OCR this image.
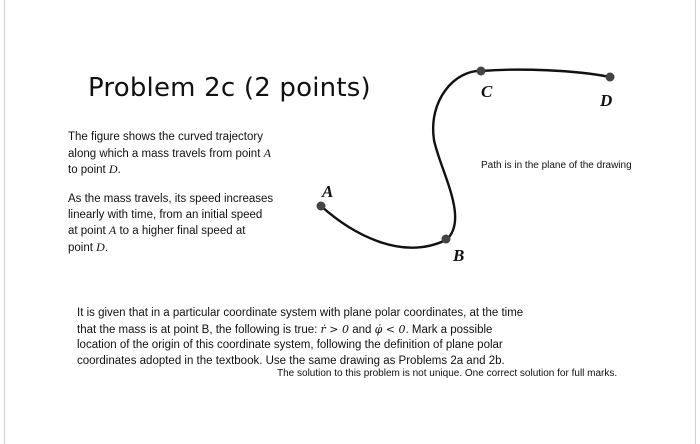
Problem 2c (2 points)
The figure shows the curved trajectory
along which a mass travels from point A
to point D.
As the mass travels, its speed increases
linearly with time, from an initial speed
at point A to a higher final speed at
point D.
Path is in the plane of the drawing
A
B
C	D
It is given that in a particular coordinate system with plane polar coordinates, at the time
that the mass is at point B, the following is true: ṙ > 0 and φ̇ < 0. Mark a possible
location of the origin of this coordinate system, following the definition of plane polar
coordinates adopted in the textbook. Use the same drawing as Problems 2a and 2b.
The solution to this problem is not unique. One correct solution for full marks.
